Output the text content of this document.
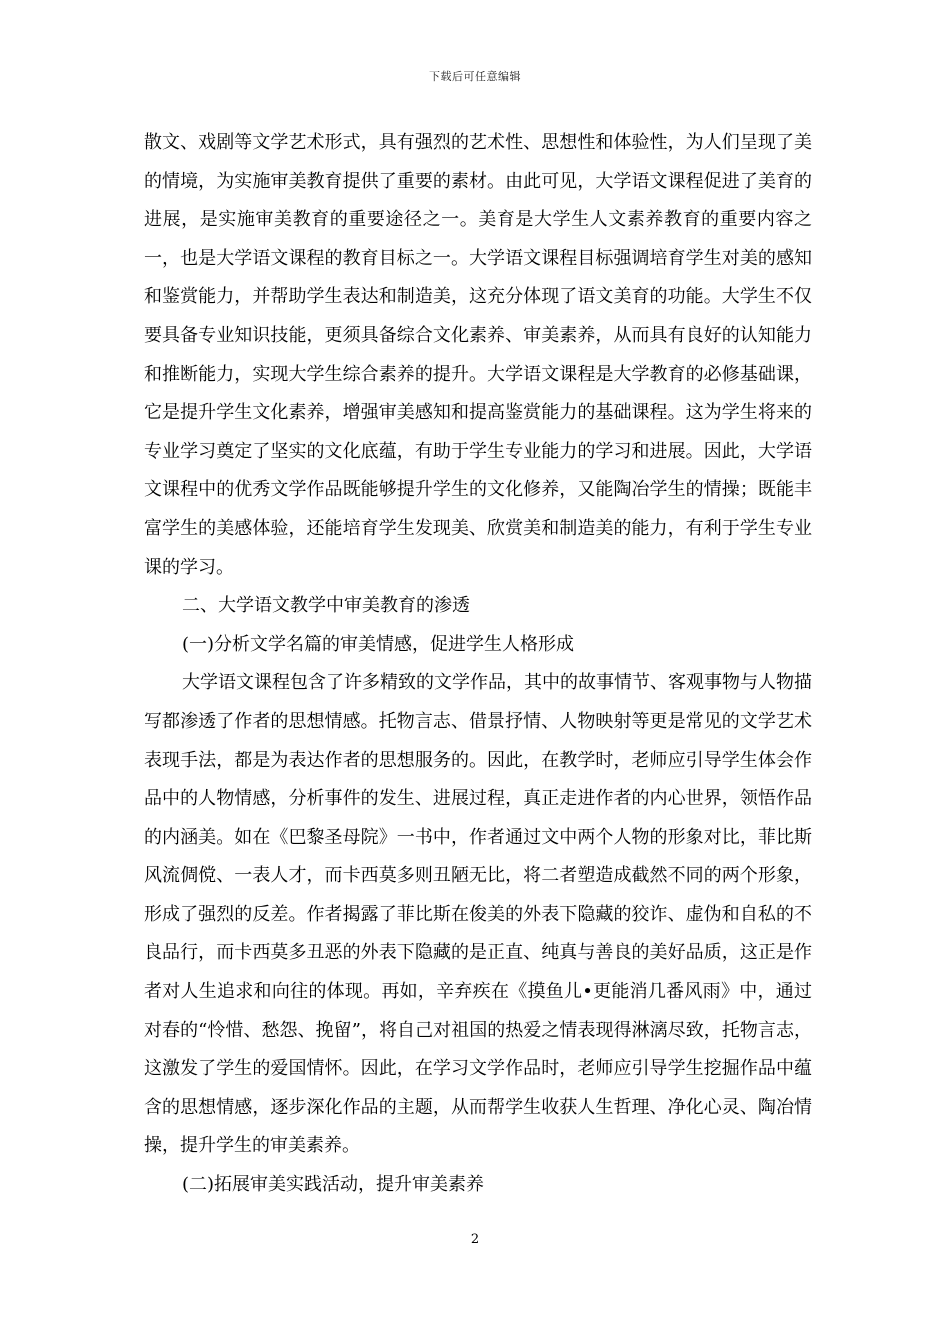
下载后可任意编辑

散文、戏剧等文学艺术形式，具有强烈的艺术性、思想性和体验性，为人们呈现了美的情境，为实施审美教育提供了重要的素材。由此可见，大学语文课程促进了美育的进展，是实施审美教育的重要途径之一。美育是大学生人文素养教育的重要内容之一，也是大学语文课程的教育目标之一。大学语文课程目标强调培育学生对美的感知和鉴赏能力，并帮助学生表达和制造美，这充分体现了语文美育的功能。大学生不仅要具备专业知识技能，更须具备综合文化素养、审美素养，从而具有良好的认知能力和推断能力，实现大学生综合素养的提升。大学语文课程是大学教育的必修基础课，它是提升学生文化素养，增强审美感知和提高鉴赏能力的基础课程。这为学生将来的专业学习奠定了坚实的文化底蕴，有助于学生专业能力的学习和进展。因此，大学语文课程中的优秀文学作品既能够提升学生的文化修养，又能陶冶学生的情操；既能丰富学生的美感体验，还能培育学生发现美、欣赏美和制造美的能力，有利于学生专业课的学习。

二、大学语文教学中审美教育的渗透

(一)分析文学名篇的审美情感，促进学生人格形成

大学语文课程包含了许多精致的文学作品，其中的故事情节、客观事物与人物描写都渗透了作者的思想情感。托物言志、借景抒情、人物映射等更是常见的文学艺术表现手法，都是为表达作者的思想服务的。因此，在教学时，老师应引导学生体会作品中的人物情感，分析事件的发生、进展过程，真正走进作者的内心世界，领悟作品的内涵美。如在《巴黎圣母院》一书中，作者通过文中两个人物的形象对比，菲比斯风流倜傥、一表人才，而卡西莫多则丑陋无比，将二者塑造成截然不同的两个形象，形成了强烈的反差。作者揭露了菲比斯在俊美的外表下隐藏的狡诈、虚伪和自私的不良品行，而卡西莫多丑恶的外表下隐藏的是正直、纯真与善良的美好品质，这正是作者对人生追求和向往的体现。再如，辛弃疾在《摸鱼儿•更能消几番风雨》中，通过对春的“怜惜、愁怨、挽留”，将自己对祖国的热爱之情表现得淋漓尽致，托物言志，这激发了学生的爱国情怀。因此，在学习文学作品时，老师应引导学生挖掘作品中蕴含的思想情感，逐步深化作品的主题，从而帮学生收获人生哲理、净化心灵、陶冶情操，提升学生的审美素养。

(二)拓展审美实践活动，提升审美素养

2
